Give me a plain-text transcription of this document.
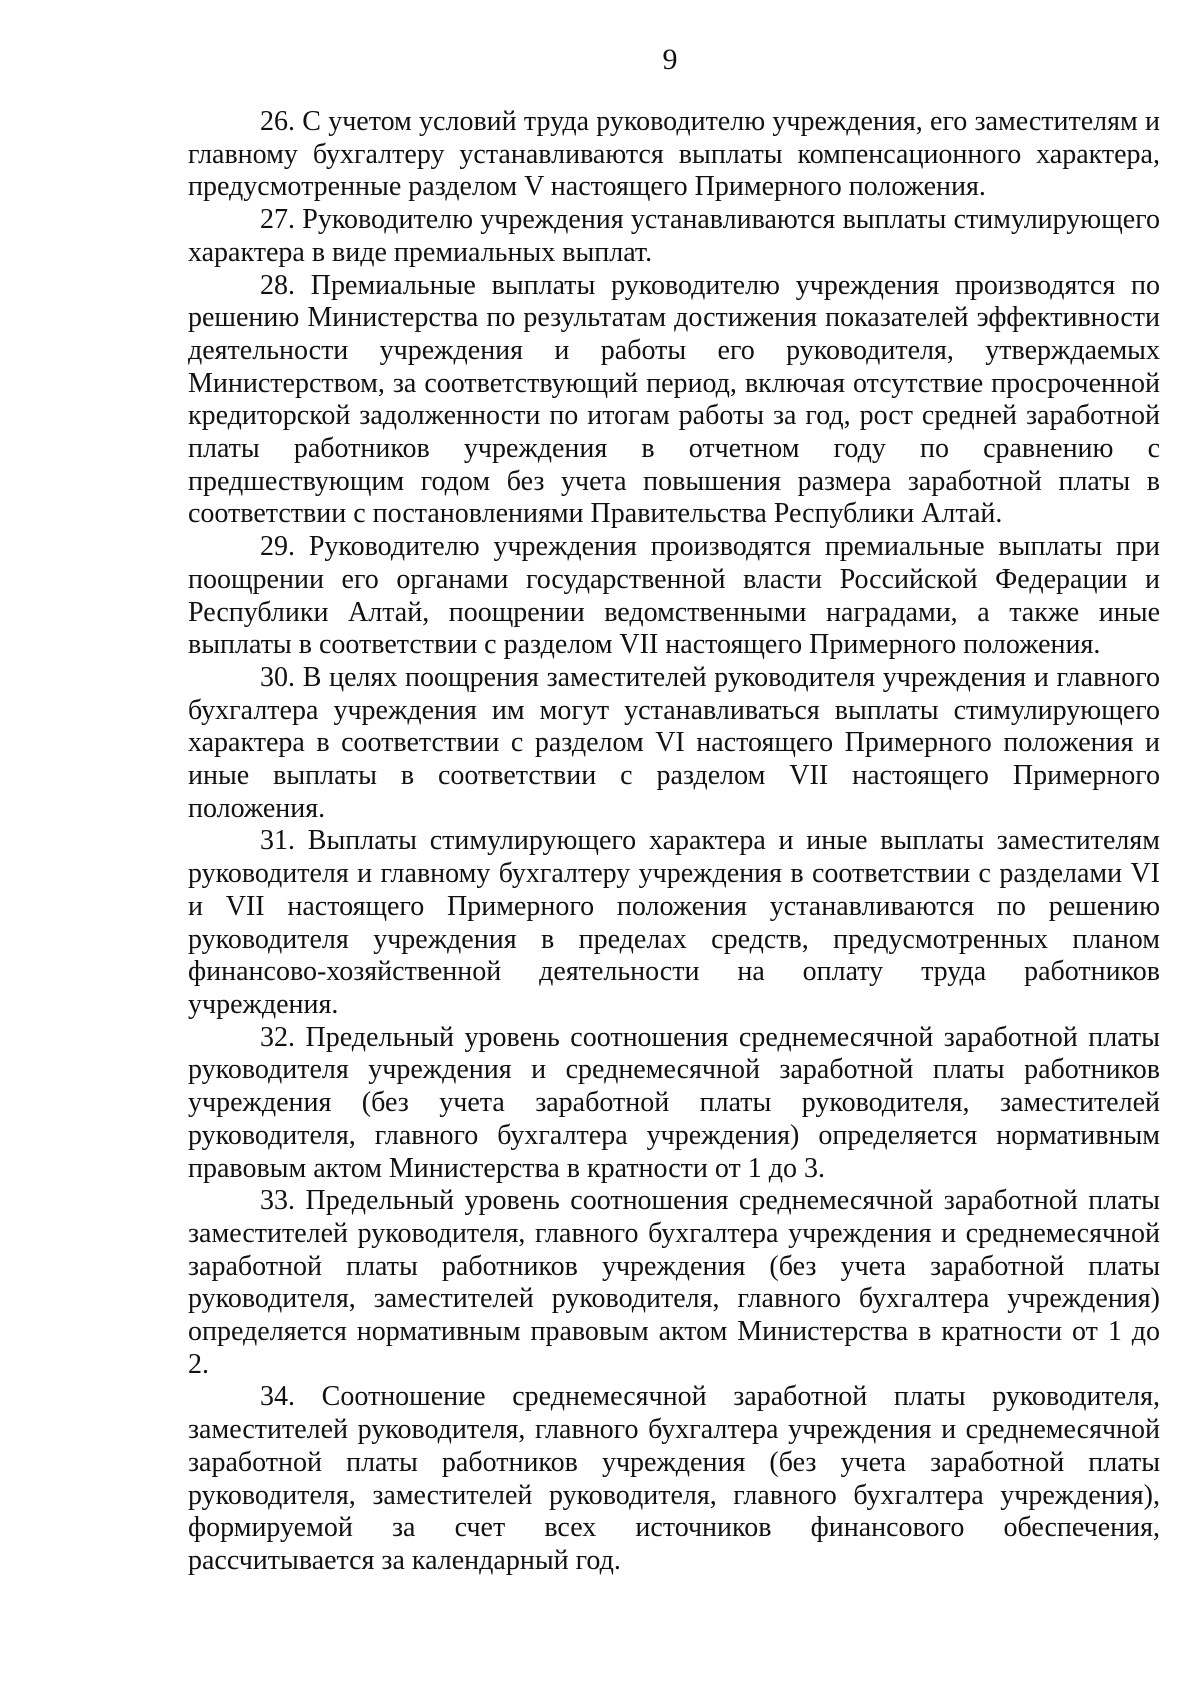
9

26. С учетом условий труда руководителю учреждения, его заместителям и главному бухгалтеру устанавливаются выплаты компенсационного характера, предусмотренные разделом V настоящего Примерного положения.

27. Руководителю учреждения устанавливаются выплаты стимулирующего характера в виде премиальных выплат.

28. Премиальные выплаты руководителю учреждения производятся по решению Министерства по результатам достижения показателей эффективности деятельности учреждения и работы его руководителя, утверждаемых Министерством, за соответствующий период, включая отсутствие просроченной кредиторской задолженности по итогам работы за год, рост средней заработной платы работников учреждения в отчетном году по сравнению с предшествующим годом без учета повышения размера заработной платы в соответствии с постановлениями Правительства Республики Алтай.

29. Руководителю учреждения производятся премиальные выплаты при поощрении его органами государственной власти Российской Федерации и Республики Алтай, поощрении ведомственными наградами, а также иные выплаты в соответствии с разделом VII настоящего Примерного положения.

30. В целях поощрения заместителей руководителя учреждения и главного бухгалтера учреждения им могут устанавливаться выплаты стимулирующего характера в соответствии с разделом VI настоящего Примерного положения и иные выплаты в соответствии с разделом VII настоящего Примерного положения.

31. Выплаты стимулирующего характера и иные выплаты заместителям руководителя и главному бухгалтеру учреждения в соответствии с разделами VI и VII настоящего Примерного положения устанавливаются по решению руководителя учреждения в пределах средств, предусмотренных планом финансово-хозяйственной деятельности на оплату труда работников учреждения.

32. Предельный уровень соотношения среднемесячной заработной платы руководителя учреждения и среднемесячной заработной платы работников учреждения (без учета заработной платы руководителя, заместителей руководителя, главного бухгалтера учреждения) определяется нормативным правовым актом Министерства в кратности от 1 до 3.

33. Предельный уровень соотношения среднемесячной заработной платы заместителей руководителя, главного бухгалтера учреждения и среднемесячной заработной платы работников учреждения (без учета заработной платы руководителя, заместителей руководителя, главного бухгалтера учреждения) определяется нормативным правовым актом Министерства в кратности от 1 до 2.

34. Соотношение среднемесячной заработной платы руководителя, заместителей руководителя, главного бухгалтера учреждения и среднемесячной заработной платы работников учреждения (без учета заработной платы руководителя, заместителей руководителя, главного бухгалтера учреждения), формируемой за счет всех источников финансового обеспечения, рассчитывается за календарный год.
